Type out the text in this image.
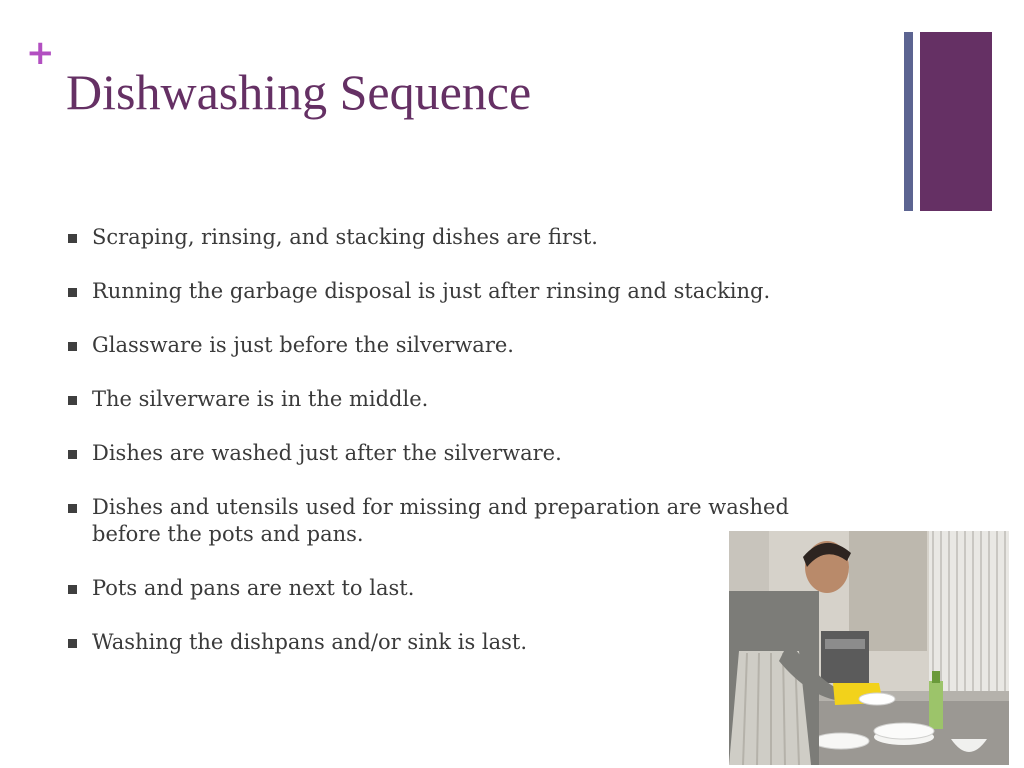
+
Dishwashing Sequence
Scraping, rinsing, and stacking dishes are first.
Running the garbage disposal is just after rinsing and stacking.
Glassware is just before the silverware.
The silverware is in the middle.
Dishes are washed just after the silverware.
Dishes and utensils used for missing and preparation are washed before the pots and pans.
Pots and pans are next to last.
Washing the dishpans and/or sink is last.
